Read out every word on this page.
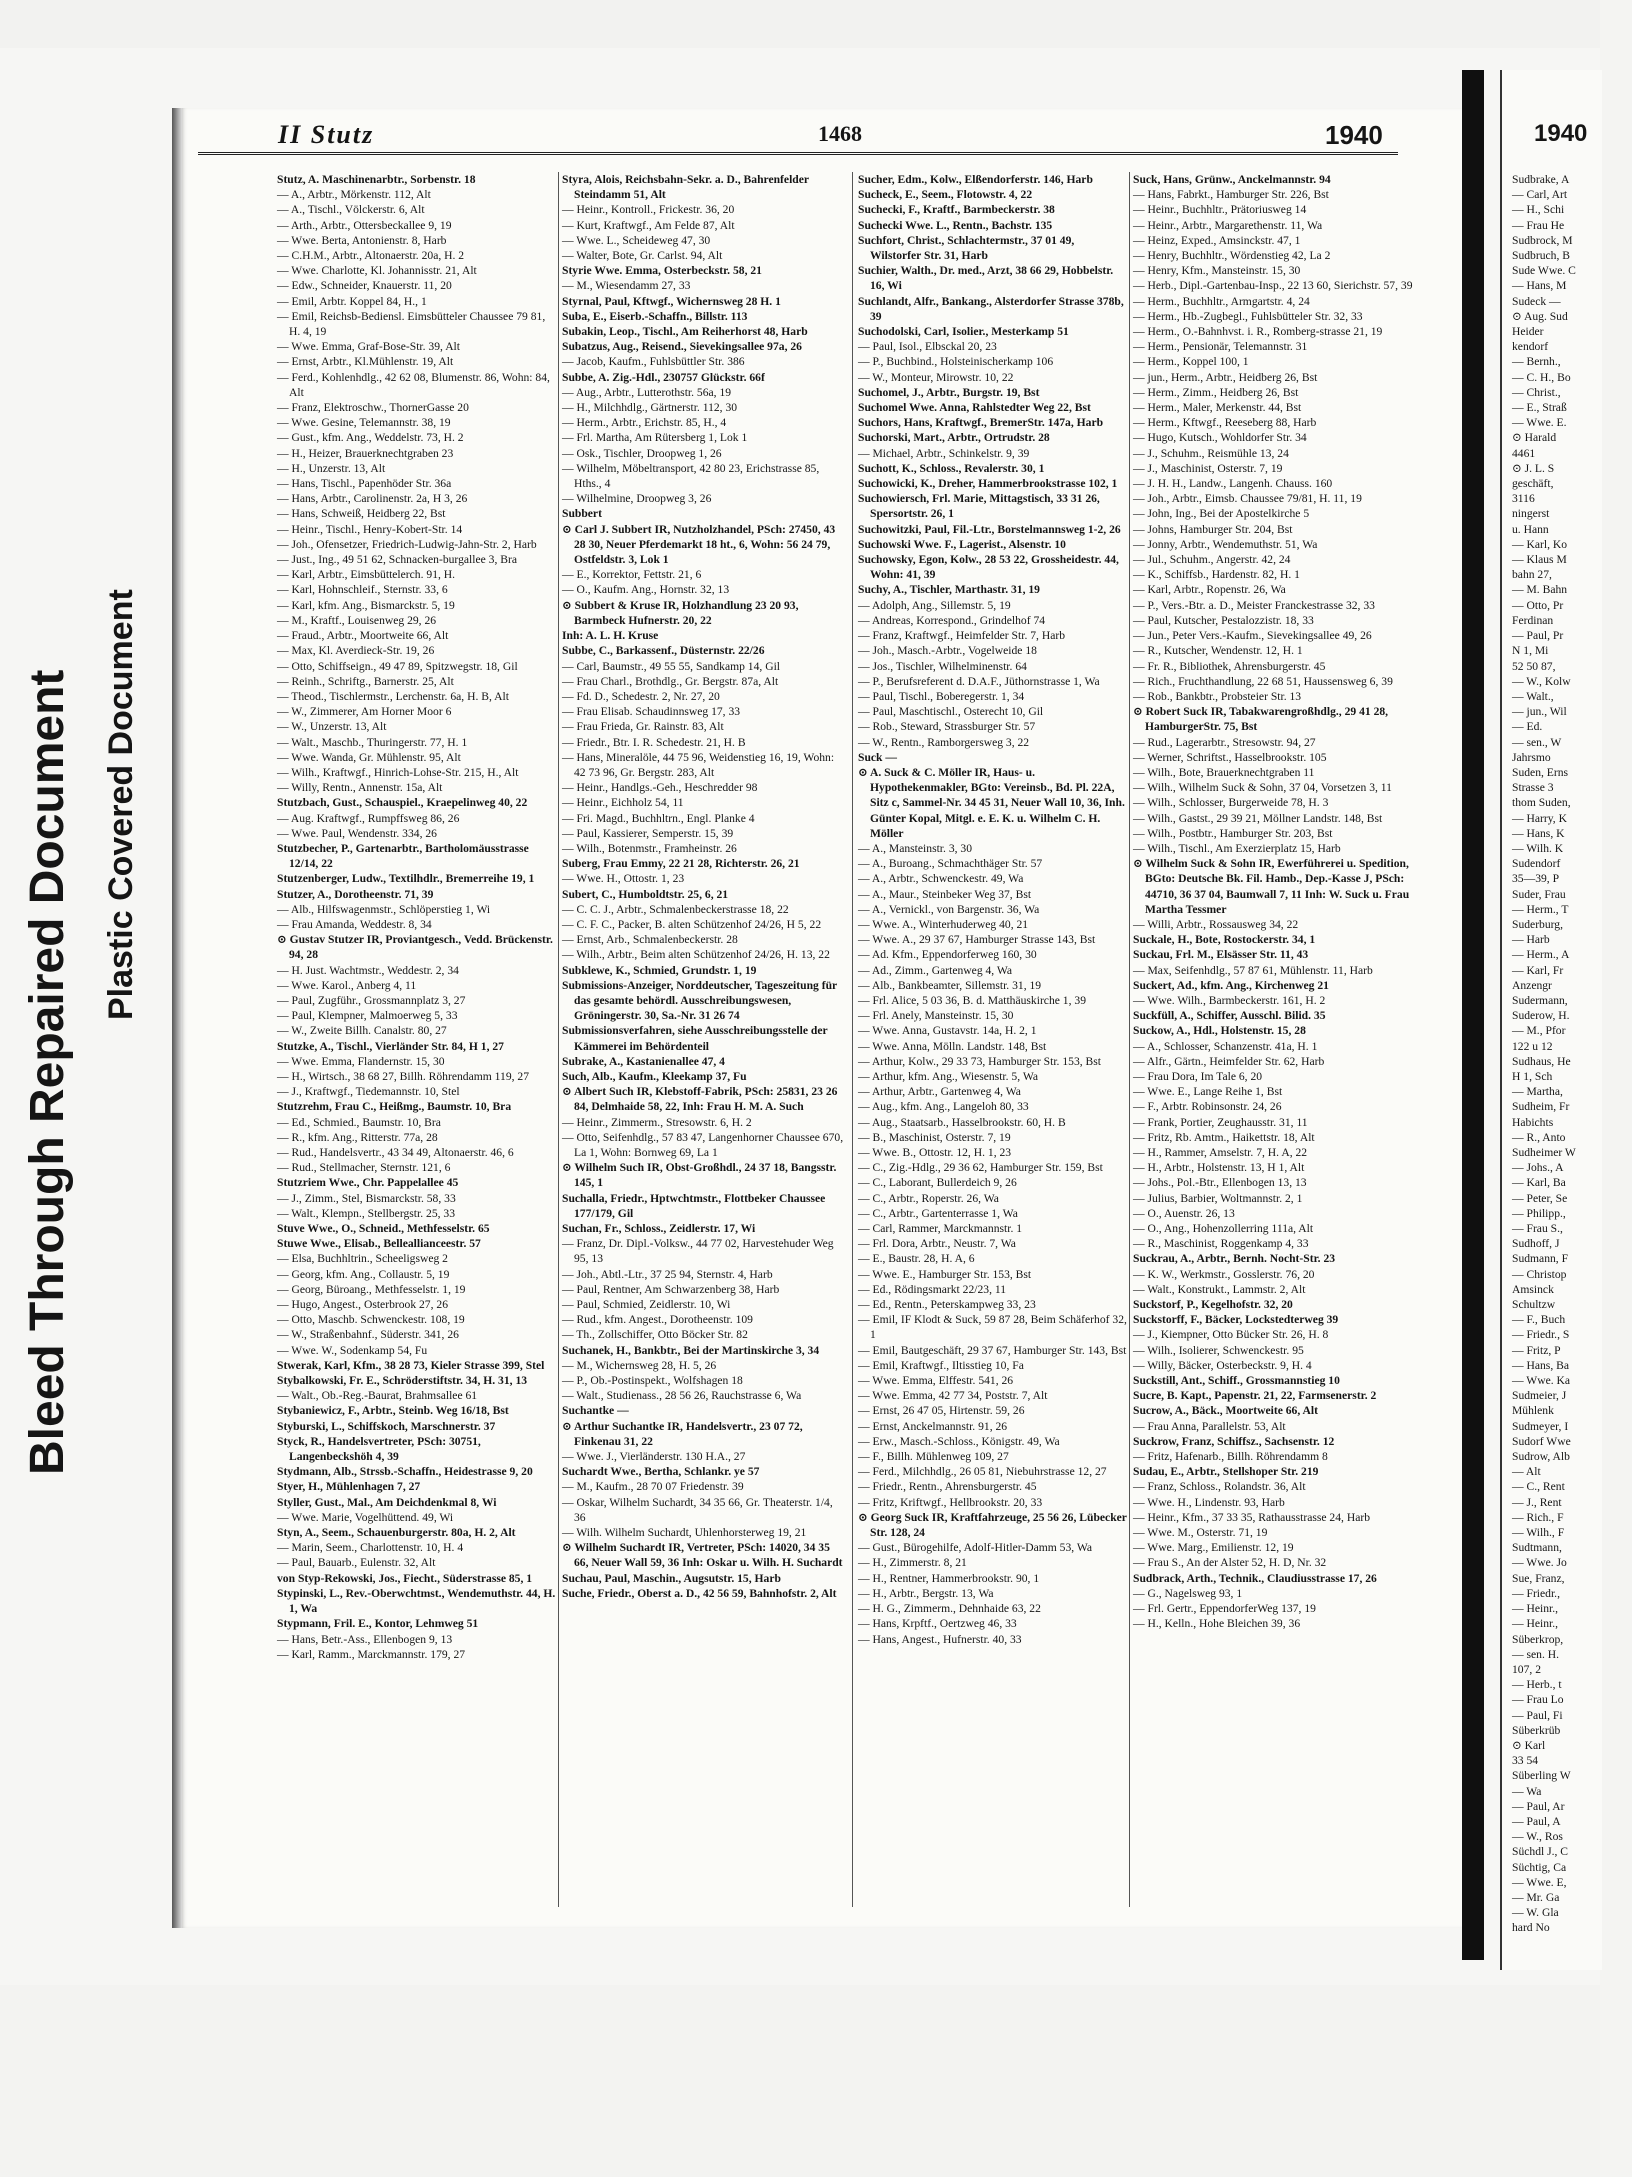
Bleed Through Repaired Document Plastic Covered Document
II Stutz	1468	1940

Stutz, A. Maschinenarbtr., Sorbenstr. 18

— A., Arbtr., Mörkenstr. 112, Alt

— A., Tischl., Völckerstr. 6, Alt

— Arth., Arbtr., Ottersbeckallee 9, 19

— Wwe. Berta, Antonienstr. 8, Harb

— C.H.M., Arbtr., Altonaerstr. 20a, H. 2

— Wwe. Charlotte, Kl. Johannisstr. 21, Alt

— Edw., Schneider, Knauerstr. 11, 20

— Emil, Arbtr. Koppel 84, H., 1

— Emil, Reichsb-Bediensl. Eimsbütteler Chaussee 79 81, H. 4, 19

— Wwe. Emma, Graf-Bose-Str. 39, Alt

— Ernst, Arbtr., Kl.Mühlenstr. 19, Alt

— Ferd., Kohlenhdlg., 42 62 08, Blumenstr. 86, Wohn: 84, Alt

— Franz, Elektroschw., ThornerGasse 20

— Wwe. Gesine, Telemannstr. 38, 19

— Gust., kfm. Ang., Weddelstr. 73, H. 2

— H., Heizer, Brauerknechtgraben 23

— H., Unzerstr. 13, Alt

— Hans, Tischl., Papenhöder Str. 36a

— Hans, Arbtr., Carolinenstr. 2a, H 3, 26

— Hans, Schweiß, Heidberg 22, Bst

— Heinr., Tischl., Henry-Kobert-Str. 14

— Joh., Ofensetzer, Friedrich-Ludwig-Jahn-Str. 2, Harb

— Just., Ing., 49 51 62, Schnacken-burgallee 3, Bra

— Karl, Arbtr., Eimsbüttelerch. 91, H.

— Karl, Hohnschleif., Sternstr. 33, 6

— Karl, kfm. Ang., Bismarckstr. 5, 19

— M., Kraftf., Louisenweg 29, 26

— Fraud., Arbtr., Moortweite 66, Alt

— Max, Kl. Averdieck-Str. 19, 26

— Otto, Schiffseign., 49 47 89, Spitzwegstr. 18, Gil

— Reinh., Schriftg., Barnerstr. 25, Alt

— Theod., Tischlermstr., Lerchenstr. 6a, H. B, Alt

— W., Zimmerer, Am Horner Moor 6

— W., Unzerstr. 13, Alt

— Walt., Maschb., Thuringerstr. 77, H. 1

— Wwe. Wanda, Gr. Mühlenstr. 95, Alt

— Wilh., Kraftwgf., Hinrich-Lohse-Str. 215, H., Alt

— Willy, Rentn., Annenstr. 15a, Alt

Stutzbach, Gust., Schauspiel., Kraepelinweg 40, 22

— Aug. Kraftwgf., Rumpffsweg 86, 26

— Wwe. Paul, Wendenstr. 334, 26

Stutzbecher, P., Gartenarbtr., Bartholomäusstrasse 12/14, 22

Stutzenberger, Ludw., Textilhdlr., Bremerreihe 19, 1

Stutzer, A., Dorotheenstr. 71, 39

— Alb., Hilfswagenmstr., Schlöperstieg 1, Wi

— Frau Amanda, Weddestr. 8, 34

⊙ Gustav Stutzer IR, Proviantgesch., Vedd. Brückenstr. 94, 28

— H. Just. Wachtmstr., Weddestr. 2, 34

— Wwe. Karol., Anberg 4, 11

— Paul, Zugführ., Grossmannplatz 3, 27

— Paul, Klempner, Malmoerweg 5, 33

— W., Zweite Billh. Canalstr. 80, 27

Stutzke, A., Tischl., Vierländer Str. 84, H 1, 27

— Wwe. Emma, Flandernstr. 15, 30

— H., Wirtsch., 38 68 27, Billh. Röhrendamm 119, 27

— J., Kraftwgf., Tiedemannstr. 10, Stel

Stutzrehm, Frau C., Heißmg., Baumstr. 10, Bra

— Ed., Schmied., Baumstr. 10, Bra

— R., kfm. Ang., Ritterstr. 77a, 28

— Rud., Handelsvertr., 43 34 49, Altonaerstr. 46, 6

— Rud., Stellmacher, Sternstr. 121, 6

Stutzriem Wwe., Chr. Pappelallee 45

— J., Zimm., Stel, Bismarckstr. 58, 33

— Walt., Klempn., Stellbergstr. 25, 33

Stuve Wwe., O., Schneid., Methfesselstr. 65

Stuwe Wwe., Elisab., Belleallianceestr. 57

— Elsa, Buchhltrin., Scheeligsweg 2

— Georg, kfm. Ang., Collaustr. 5, 19

— Georg, Büroang., Methfesselstr. 1, 19

— Hugo, Angest., Osterbrook 27, 26

— Otto, Maschb. Schwenckestr. 108, 19

— W., Straßenbahnf., Süderstr. 341, 26

— Wwe. W., Sodenkamp 54, Fu

Stwerak, Karl, Kfm., 38 28 73, Kieler Strasse 399, Stel

Stybalkowski, Fr. E., Schröderstiftstr. 34, H. 31, 13

— Walt., Ob.-Reg.-Baurat, Brahmsallee 61

Stybaniewicz, F., Arbtr., Steinb. Weg 16/18, Bst

Styburski, L., Schiffskoch, Marschnerstr. 37

Styck, R., Handelsvertreter, PSch: 30751, Langenbeckshöh 4, 39

Stydmann, Alb., Strssb.-Schaffn., Heidestrasse 9, 20

Styer, H., Mühlenhagen 7, 27

Styller, Gust., Mal., Am Deichdenkmal 8, Wi

— Wwe. Marie, Vogelhüttend. 49, Wi

Styn, A., Seem., Schauenburgerstr. 80a, H. 2, Alt

— Marin, Seem., Charlottenstr. 10, H. 4

— Paul, Bauarb., Eulenstr. 32, Alt

von Styp-Rekowski, Jos., Fiecht., Süderstrasse 85, 1

Stypinski, L., Rev.-Oberwchtmst., Wendemuthstr. 44, H. 1, Wa

Stypmann, Fril. E., Kontor, Lehmweg 51

— Hans, Betr.-Ass., Ellenbogen 9, 13

— Karl, Ramm., Marckmannstr. 179, 27

Styra, Alois, Reichsbahn-Sekr. a. D., Bahrenfelder Steindamm 51, Alt

— Heinr., Kontroll., Frickestr. 36, 20

— Kurt, Kraftwgf., Am Felde 87, Alt

— Wwe. L., Scheideweg 47, 30

— Walter, Bote, Gr. Carlst. 94, Alt

Styrie Wwe. Emma, Osterbeckstr. 58, 21

— M., Wiesendamm 27, 33

Styrnal, Paul, Kftwgf., Wichernsweg 28 H. 1

Suba, E., Eiserb.-Schaffn., Billstr. 113

Subakin, Leop., Tischl., Am Reiherhorst 48, Harb

Subatzus, Aug., Reisend., Sievekingsallee 97a, 26

— Jacob, Kaufm., Fuhlsbüttler Str. 386

Subbe, A. Zig.-Hdl., 230757 Glückstr. 66f

— Aug., Arbtr., Lutterothstr. 56a, 19

— H., Milchhdlg., Gärtnerstr. 112, 30

— Herm., Arbtr., Erichstr. 85, H., 4

— Frl. Martha, Am Rütersberg 1, Lok 1

— Osk., Tischler, Droopweg 1, 26

— Wilhelm, Möbeltransport, 42 80 23, Erichstrasse 85, Hths., 4

— Wilhelmine, Droopweg 3, 26

Subbert

⊙ Carl J. Subbert IR, Nutzholzhandel, PSch: 27450, 43 28 30, Neuer Pferdemarkt 18 ht., 6, Wohn: 56 24 79, Ostfeldstr. 3, Lok 1

— E., Korrektor, Fettstr. 21, 6

— O., Kaufm. Ang., Hornstr. 32, 13

⊙ Subbert & Kruse IR, Holzhandlung 23 20 93, Barmbeck Hufnerstr. 20, 22

Inh: A. L. H. Kruse

Subbe, C., Barkassenf., Düsternstr. 22/26

— Carl, Baumstr., 49 55 55, Sandkamp 14, Gil

— Frau Charl., Brothdlg., Gr. Bergstr. 87a, Alt

— Fd. D., Schedestr. 2, Nr. 27, 20

— Frau Elisab. Schaudinnsweg 17, 33

— Frau Frieda, Gr. Rainstr. 83, Alt

— Friedr., Btr. I. R. Schedestr. 21, H. B

— Hans, Mineralöle, 44 75 96, Weidenstieg 16, 19, Wohn: 42 73 96, Gr. Bergstr. 283, Alt

— Heinr., Handlgs.-Geh., Heschredder 98

— Heinr., Eichholz 54, 11

— Fri. Magd., Buchhltrn., Engl. Planke 4

— Paul, Kassierer, Semperstr. 15, 39

— Wilh., Botenmstr., Framheinstr. 26

Suberg, Frau Emmy, 22 21 28, Richterstr. 26, 21

— Wwe. H., Ottostr. 1, 23

Subert, C., Humboldtstr. 25, 6, 21

— C. C. J., Arbtr., Schmalenbeckerstrasse 18, 22

— C. F. C., Packer, B. alten Schützenhof 24/26, H 5, 22

— Ernst, Arb., Schmalenbeckerstr. 28

— Wilh., Arbtr., Beim alten Schützenhof 24/26, H. 13, 22

Subklewe, K., Schmied, Grundstr. 1, 19

Submissions-Anzeiger, Norddeutscher, Tageszeitung für das gesamte behördl. Ausschreibungswesen, Gröningerstr. 30, Sa.-Nr. 31 26 74

Submissionsverfahren, siehe Ausschreibungsstelle der Kämmerei im Behördenteil

Subrake, A., Kastanienallee 47, 4

Such, Alb., Kaufm., Kleekamp 37, Fu

⊙ Albert Such IR, Klebstoff-Fabrik, PSch: 25831, 23 26 84, Delmhaide 58, 22, Inh: Frau H. M. A. Such

— Heinr., Zimmerm., Stresowstr. 6, H. 2

— Otto, Seifenhdlg., 57 83 47, Langenhorner Chaussee 670, La 1, Wohn: Bornweg 69, La 1

⊙ Wilhelm Such IR, Obst-Großhdl., 24 37 18, Bangsstr. 145, 1

Suchalla, Friedr., Hptwchtmstr., Flottbeker Chaussee 177/179, Gil

Suchan, Fr., Schloss., Zeidlerstr. 17, Wi

— Franz, Dr. Dipl.-Volksw., 44 77 02, Harvestehuder Weg 95, 13

— Joh., Abtl.-Ltr., 37 25 94, Sternstr. 4, Harb

— Paul, Rentner, Am Schwarzenberg 38, Harb

— Paul, Schmied, Zeidlerstr. 10, Wi

— Rud., kfm. Angest., Dorotheenstr. 109

— Th., Zollschiffer, Otto Böcker Str. 82

Suchanek, H., Bankbtr., Bei der Martinskirche 3, 34

— M., Wichernsweg 28, H. 5, 26

— P., Ob.-Postinspekt., Wolfshagen 18

— Walt., Studienass., 28 56 26, Rauchstrasse 6, Wa

Suchantke —

⊙ Arthur Suchantke IR, Handelsvertr., 23 07 72, Finkenau 31, 22

— Wwe. J., Vierländerstr. 130 H.A., 27

Suchardt Wwe., Bertha, Schlankr. ye 57

— M., Kaufm., 28 70 07 Friedenstr. 39

— Oskar, Wilhelm Suchardt, 34 35 66, Gr. Theaterstr. 1/4, 36

— Wilh. Wilhelm Suchardt, Uhlenhorsterweg 19, 21

⊙ Wilhelm Suchardt IR, Vertreter, PSch: 14020, 34 35 66, Neuer Wall 59, 36 Inh: Oskar u. Wilh. H. Suchardt

Suchau, Paul, Maschin., Augsutstr. 15, Harb

Suche, Friedr., Oberst a. D., 42 56 59, Bahnhofstr. 2, Alt

Sucher, Edm., Kolw., Elßendorferstr. 146, Harb

Sucheck, E., Seem., Flotowstr. 4, 22

Suchecki, F., Kraftf., Barmbeckerstr. 38

Suchecki Wwe. L., Rentn., Bachstr. 135

Suchfort, Christ., Schlachtermstr., 37 01 49, Wilstorfer Str. 31, Harb

Suchier, Walth., Dr. med., Arzt, 38 66 29, Hobbelstr. 16, Wi

Suchlandt, Alfr., Bankang., Alsterdorfer Strasse 378b, 39

Suchodolski, Carl, Isolier., Mesterkamp 51

— Paul, Isol., Elbsckal 20, 23

— P., Buchbind., Holsteinischerkamp 106

— W., Monteur, Mirowstr. 10, 22

Suchomel, J., Arbtr., Burgstr. 19, Bst

Suchomel Wwe. Anna, Rahlstedter Weg 22, Bst

Suchors, Hans, Kraftwgf., BremerStr. 147a, Harb

Suchorski, Mart., Arbtr., Ortrudstr. 28

— Michael, Arbtr., Schinkelstr. 9, 39

Suchott, K., Schloss., Revalerstr. 30, 1

Suchowicki, K., Dreher, Hammerbrookstrasse 102, 1

Suchowiersch, Frl. Marie, Mittagstisch, 33 31 26, Spersortstr. 26, 1

Suchowitzki, Paul, Fil.-Ltr., Borstelmannsweg 1-2, 26

Suchowski Wwe. F., Lagerist., Alsenstr. 10

Suchowsky, Egon, Kolw., 28 53 22, Grossheidestr. 44, Wohn: 41, 39

Suchy, A., Tischler, Marthastr. 31, 19

— Adolph, Ang., Sillemstr. 5, 19

— Andreas, Korrespond., Grindelhof 74

— Franz, Kraftwgf., Heimfelder Str. 7, Harb

— Joh., Masch.-Arbtr., Vogelweide 18

— Jos., Tischler, Wilhelminenstr. 64

— P., Berufsreferent d. D.A.F., Jüthornstrasse 1, Wa

— Paul, Tischl., Boberegerstr. 1, 34

— Paul, Maschtischl., Osterecht 10, Gil

— Rob., Steward, Strassburger Str. 57

— W., Rentn., Ramborgersweg 3, 22

Suck —

⊙ A. Suck & C. Möller IR, Haus- u. Hypothekenmakler, BGto: Vereinsb., Bd. Pl. 22A, Sitz c, Sammel-Nr. 34 45 31, Neuer Wall 10, 36, Inh. Günter Kopal, Mitgl. e. E. K. u. Wilhelm C. H. Möller

— A., Mansteinstr. 3, 30

— A., Buroang., Schmachthäger Str. 57

— A., Arbtr., Schwenckestr. 49, Wa

— A., Maur., Steinbeker Weg 37, Bst

— A., Vernickl., von Bargenstr. 36, Wa

— Wwe. A., Winterhuderweg 40, 21

— Wwe. A., 29 37 67, Hamburger Strasse 143, Bst

— Ad. Kfm., Eppendorferweg 160, 30

— Ad., Zimm., Gartenweg 4, Wa

— Alb., Bankbeamter, Sillemstr. 31, 19

— Frl. Alice, 5 03 36, B. d. Matthäuskirche 1, 39

— Frl. Anely, Mansteinstr. 15, 30

— Wwe. Anna, Gustavstr. 14a, H. 2, 1

— Wwe. Anna, Mölln. Landstr. 148, Bst

— Arthur, Kolw., 29 33 73, Hamburger Str. 153, Bst

— Arthur, kfm. Ang., Wiesenstr. 5, Wa

— Arthur, Arbtr., Gartenweg 4, Wa

— Aug., kfm. Ang., Langeloh 80, 33

— Aug., Staatsarb., Hasselbrookstr. 60, H. B

— B., Maschinist, Osterstr. 7, 19

— Wwe. B., Ottostr. 12, H. 1, 23

— C., Zig.-Hdlg., 29 36 62, Hamburger Str. 159, Bst

— C., Laborant, Bullerdeich 9, 26

— C., Arbtr., Roperstr. 26, Wa

— C., Arbtr., Gartenterrasse 1, Wa

— Carl, Rammer, Marckmannstr. 1

— Frl. Dora, Arbtr., Neustr. 7, Wa

— E., Baustr. 28, H. A, 6

— Wwe. E., Hamburger Str. 153, Bst

— Ed., Rödingsmarkt 22/23, 11

— Ed., Rentn., Peterskampweg 33, 23

— Emil, IF Klodt & Suck, 59 87 28, Beim Schäferhof 32, 1

— Emil, Bautgeschäft, 29 37 67, Hamburger Str. 143, Bst

— Emil, Kraftwgf., Iltisstieg 10, Fa

— Wwe. Emma, Elffestr. 541, 26

— Wwe. Emma, 42 77 34, Poststr. 7, Alt

— Ernst, 26 47 05, Hirtenstr. 59, 26

— Ernst, Anckelmannstr. 91, 26

— Erw., Masch.-Schloss., Königstr. 49, Wa

— F., Billh. Mühlenweg 109, 27

— Ferd., Milchhdlg., 26 05 81, Niebuhrstrasse 12, 27

— Friedr., Rentn., Ahrensburgerstr. 45

— Fritz, Kriftwgf., Hellbrookstr. 20, 33

⊙ Georg Suck IR, Kraftfahrzeuge, 25 56 26, Lübecker Str. 128, 24

— Gust., Bürogehilfe, Adolf-Hitler-Damm 53, Wa

— H., Zimmerstr. 8, 21

— H., Rentner, Hammerbrookstr. 90, 1

— H., Arbtr., Bergstr. 13, Wa

— H. G., Zimmerm., Dehnhaide 63, 22

— Hans, Krpftf., Oertzweg 46, 33

— Hans, Angest., Hufnerstr. 40, 33

Suck, Hans, Grünw., Anckelmannstr. 94

— Hans, Fabrkt., Hamburger Str. 226, Bst

— Heinr., Buchhltr., Prätoriusweg 14

— Heinr., Arbtr., Margarethenstr. 11, Wa

— Heinz, Exped., Amsinckstr. 47, 1

— Henry, Buchhltr., Wördenstieg 42, La 2

— Henry, Kfm., Mansteinstr. 15, 30

— Herb., Dipl.-Gartenbau-Insp., 22 13 60, Sierichstr. 57, 39

— Herm., Buchhltr., Armgartstr. 4, 24

— Herm., Hb.-Zugbegl., Fuhlsbütteler Str. 32, 33

— Herm., O.-Bahnhvst. i. R., Romberg-strasse 21, 19

— Herm., Pensionär, Telemannstr. 31

— Herm., Koppel 100, 1

— jun., Herm., Arbtr., Heidberg 26, Bst

— Herm., Zimm., Heidberg 26, Bst

— Herm., Maler, Merkenstr. 44, Bst

— Herm., Kftwgf., Reeseberg 88, Harb

— Hugo, Kutsch., Wohldorfer Str. 34

— J., Schuhm., Reismühle 13, 24

— J., Maschinist, Osterstr. 7, 19

— J. H. H., Landw., Langenh. Chauss. 160

— Joh., Arbtr., Eimsb. Chaussee 79/81, H. 11, 19

— John, Ing., Bei der Apostelkirche 5

— Johns, Hamburger Str. 204, Bst

— Jonny, Arbtr., Wendemuthstr. 51, Wa

— Jul., Schuhm., Angerstr. 42, 24

— K., Schiffsb., Hardenstr. 82, H. 1

— Karl, Arbtr., Ropenstr. 26, Wa

— P., Vers.-Btr. a. D., Meister Franckestrasse 32, 33

— Paul, Kutscher, Pestalozzistr. 18, 33

— Jun., Peter Vers.-Kaufm., Sievekingsallee 49, 26

— R., Kutscher, Wendenstr. 12, H. 1

— Fr. R., Bibliothek, Ahrensburgerstr. 45

— Rich., Fruchthandlung, 22 68 51, Haussensweg 6, 39

— Rob., Bankbtr., Probsteier Str. 13

⊙ Robert Suck IR, Tabakwarengroßhdlg., 29 41 28, HamburgerStr. 75, Bst

— Rud., Lagerarbtr., Stresowstr. 94, 27

— Werner, Schriftst., Hasselbrookstr. 105

— Wilh., Bote, Brauerknechtgraben 11

— Wilh., Wilhelm Suck & Sohn, 37 04, Vorsetzen 3, 11

— Wilh., Schlosser, Burgerweide 78, H. 3

— Wilh., Gastst., 29 39 21, Möllner Landstr. 148, Bst

— Wilh., Postbtr., Hamburger Str. 203, Bst

— Wilh., Tischl., Am Exerzierplatz 15, Harb

⊙ Wilhelm Suck & Sohn IR, Ewerführerei u. Spedition, BGto: Deutsche Bk. Fil. Hamb., Dep.-Kasse J, PSch: 44710, 36 37 04, Baumwall 7, 11 Inh: W. Suck u. Frau Martha Tessmer

— Willi, Arbtr., Rossausweg 34, 22

Suckale, H., Bote, Rostockerstr. 34, 1

Suckau, Frl. M., Elsässer Str. 11, 43

— Max, Seifenhdlg., 57 87 61, Mühlenstr. 11, Harb

Suckert, Ad., kfm. Ang., Kirchenweg 21

— Wwe. Wilh., Barmbeckerstr. 161, H. 2

Suckfüll, A., Schiffer, Ausschl. Bilid. 35

Suckow, A., Hdl., Holstenstr. 15, 28

— A., Schlosser, Schanzenstr. 41a, H. 1

— Alfr., Gärtn., Heimfelder Str. 62, Harb

— Frau Dora, Im Tale 6, 20

— Wwe. E., Lange Reihe 1, Bst

— F., Arbtr. Robinsonstr. 24, 26

— Frank, Portier, Zeughausstr. 31, 11

— Fritz, Rb. Amtm., Haikettstr. 18, Alt

— H., Rammer, Amselstr. 7, H. A, 22

— H., Arbtr., Holstenstr. 13, H 1, Alt

— Johs., Pol.-Btr., Ellenbogen 13, 13

— Julius, Barbier, Woltmannstr. 2, 1

— O., Auenstr. 26, 13

— O., Ang., Hohenzollerring 111a, Alt

— R., Maschinist, Roggenkamp 4, 33

Suckrau, A., Arbtr., Bernh. Nocht-Str. 23

— K. W., Werkmstr., Gosslerstr. 76, 20

— Walt., Konstrukt., Lammstr. 2, Alt

Suckstorf, P., Kegelhofstr. 32, 20

Suckstorff, F., Bäcker, Lockstedterweg 39

— J., Kiempner, Otto Bücker Str. 26, H. 8

— Wilh., Isolierer, Schwenckestr. 95

— Willy, Bäcker, Osterbeckstr. 9, H. 4

Suckstill, Ant., Schiff., Grossmannstieg 10

Sucre, B. Kapt., Papenstr. 21, 22, Farmsenerstr. 2

Sucrow, A., Bäck., Moortweite 66, Alt

— Frau Anna, Parallelstr. 53, Alt

Suckrow, Franz, Schiffsz., Sachsenstr. 12

— Fritz, Hafenarb., Billh. Röhrendamm 8

Sudau, E., Arbtr., Stellshoper Str. 219

— Franz, Schloss., Rolandstr. 36, Alt

— Wwe. H., Lindenstr. 93, Harb

— Heinr., Kfm., 37 33 35, Rathausstrasse 24, Harb

— Wwe. M., Osterstr. 71, 19

— Wwe. Marg., Emilienstr. 12, 19

— Frau S., An der Alster 52, H. D, Nr. 32

Sudbrack, Arth., Technik., Claudiusstrasse 17, 26

— G., Nagelsweg 93, 1

— Frl. Gertr., EppendorferWeg 137, 19

— H., Kelln., Hohe Bleichen 39, 36

1940

Sudbrake, A

— Carl, Art

— H., Schi

— Frau He

Sudbrock, M

Sudbruch, B

Sude Wwe. C

— Hans, M

Sudeck —

⊙ Aug. Sud

Heider

kendorf

— Bernh.,

— C. H., Bo

— Christ.,

— E., Straß

— Wwe. E.

⊙ Harald

4461

⊙ J. L. S

geschäft,

3116

ningerst

u. Hann

— Karl, Ko

— Klaus M

bahn 27,

— M. Bahn

— Otto, Pr

Ferdinan

— Paul, Pr

N 1, Mi

52 50 87,

— W., Kolw

— Walt.,

— jun., Wil

— Ed.

— sen., W

Jahrsmo

Suden, Erns

Strasse 3

thom Suden,

— Harry, K

— Hans, K

— Wilh. K

Sudendorf

35—39, P

Suder, Frau

— Herm., T

Suderburg,

— Harb

— Herm., A

— Karl, Fr

Anzengr

Sudermann,

Suderow, H.

— M., Pfor

122 u 12

Sudhaus, He

H 1, Sch

— Martha,

Sudheim, Fr

Habichts

— R., Anto

Sudheimer W

— Johs., A

— Karl, Ba

— Peter, Se

— Philipp.,

— Frau S.,

Sudhoff, J

Sudmann, F

— Christop

Amsinck

Schultzw

— F., Buch

— Friedr., S

— Fritz, P

— Hans, Ba

— Wwe. Ka

Sudmeier, J

Mühlenk

Sudmeyer, I

Sudorf Wwe

Sudrow, Alb

— Alt

— C., Rent

— J., Rent

— Rich., F

— Wilh., F

Sudtmann,

— Wwe. Jo

Sue, Franz,

— Friedr.,

— Heinr.,

— Heinr.,

Süberkrop,

— sen. H.

107, 2

— Herb., t

— Frau Lo

— Paul, Fi

Süberkrüb

⊙ Karl

33 54

Süberling W

— Wa

— Paul, Ar

— Paul, A

— W., Ros

Süchdl J., C

Süchtig, Ca

— Wwe. E,

— Mr. Ga

— W. Gla

hard No
